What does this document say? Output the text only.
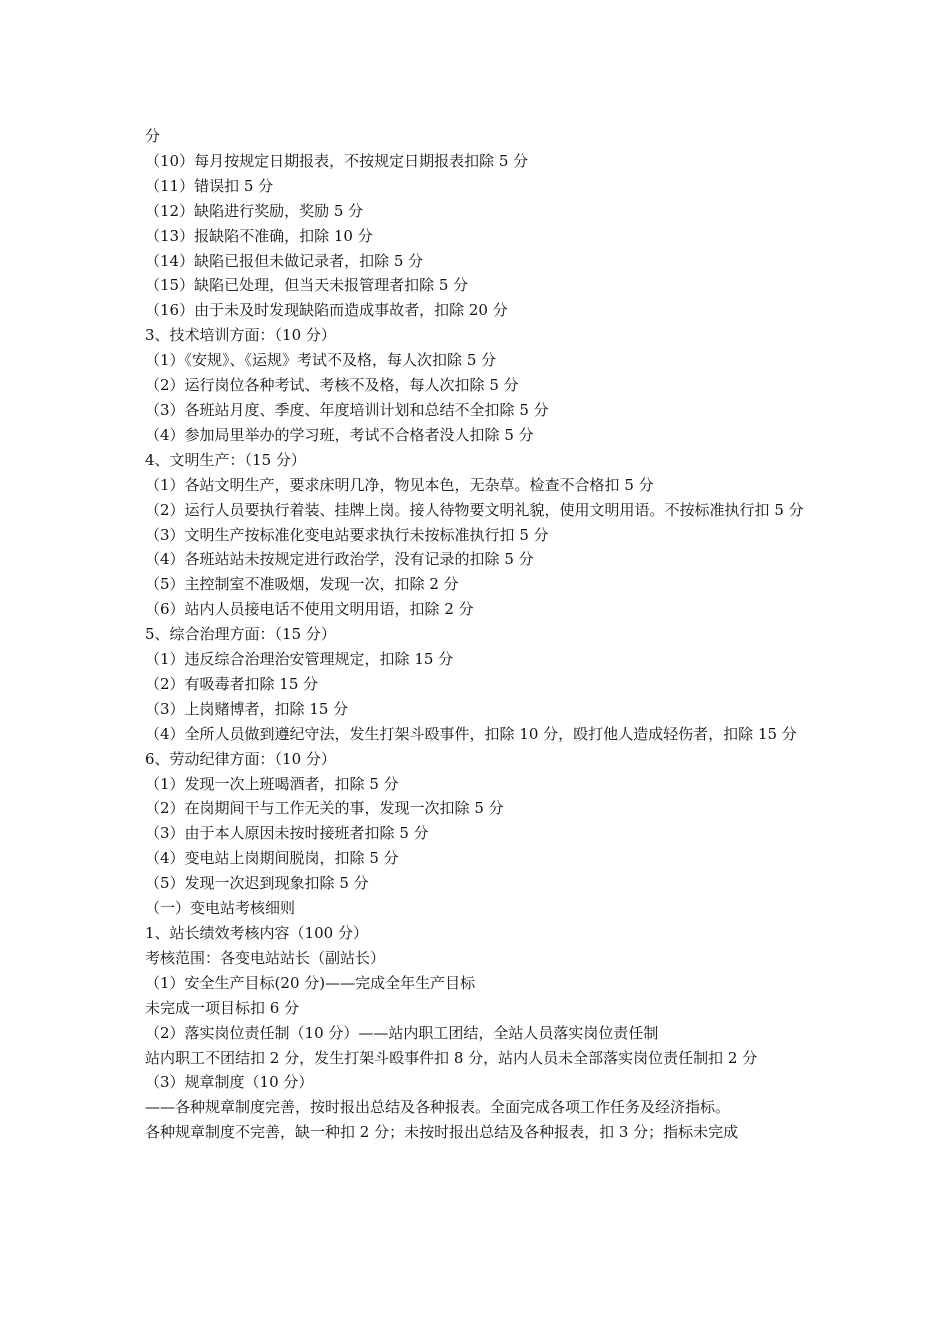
分

（10）每月按规定日期报表，不按规定日期报表扣除 5 分

（11）错误扣 5 分

（12）缺陷进行奖励，奖励 5 分

（13）报缺陷不准确，扣除 10 分

（14）缺陷已报但未做记录者，扣除 5 分

（15）缺陷已处理，但当天未报管理者扣除 5 分

（16）由于未及时发现缺陷而造成事故者，扣除 20 分

3、技术培训方面：（10 分）

（1）《安规》、《运规》考试不及格，每人次扣除 5 分

（2）运行岗位各种考试、考核不及格，每人次扣除 5 分

（3）各班站月度、季度、年度培训计划和总结不全扣除 5 分

（4）参加局里举办的学习班，考试不合格者没人扣除 5 分

4、文明生产：（15 分）

（1）各站文明生产，要求床明几净，物见本色，无杂草。检查不合格扣 5 分

（2）运行人员要执行着装、挂牌上岗。接人待物要文明礼貌，使用文明用语。不按标准执行扣 5 分

（3）文明生产按标准化变电站要求执行未按标准执行扣 5 分

（4）各班站站未按规定进行政治学，没有记录的扣除 5 分

（5）主控制室不准吸烟，发现一次，扣除 2 分

（6）站内人员接电话不使用文明用语，扣除 2 分

5、综合治理方面：（15 分）

（1）违反综合治理治安管理规定，扣除 15 分

（2）有吸毒者扣除 15 分

（3）上岗赌博者，扣除 15 分

（4）全所人员做到遵纪守法，发生打架斗殴事件，扣除 10 分，殴打他人造成轻伤者，扣除 15 分

6、劳动纪律方面：（10 分）

（1）发现一次上班喝酒者，扣除 5 分

（2）在岗期间干与工作无关的事，发现一次扣除 5 分

（3）由于本人原因未按时接班者扣除 5 分

（4）变电站上岗期间脱岗，扣除 5 分

（5）发现一次迟到现象扣除 5 分

（一）变电站考核细则

1、站长绩效考核内容（100 分）

考核范围：各变电站站长（副站长）

（1）安全生产目标(20 分)——完成全年生产目标

未完成一项目标扣 6 分

（2）落实岗位责任制（10 分）——站内职工团结，全站人员落实岗位责任制

站内职工不团结扣 2 分，发生打架斗殴事件扣 8 分，站内人员未全部落实岗位责任制扣 2 分

（3）规章制度（10 分）

——各种规章制度完善，按时报出总结及各种报表。全面完成各项工作任务及经济指标。

各种规章制度不完善，缺一种扣 2 分；未按时报出总结及各种报表，扣 3 分；指标未完成
